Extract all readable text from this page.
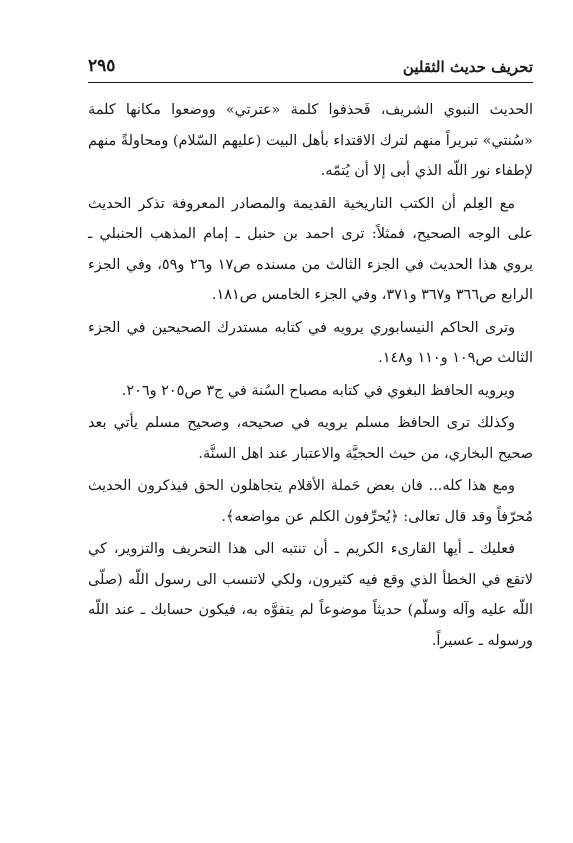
تحريف حديث الثقلين
٢٩٥

الحديث النبوي الشريف، فَحذفوا كلمة «عترتي» ووضعوا مكانها كلمة «سُنتي» تبريراً منهم لترك الاقتداء بأهل البيت (عليهم السّلام) ومحاولةً منهم لإطفاء نور اللّه الذي أبى إلا أن يُتمّه.

مع العِلم أن الكتب التاريخية القديمة والمصادر المعروفة تذكر الحديث على الوجه الصحيح، فمثلاً: ترى احمد بن حنبل ـ إمام المذهب الحنبلي ـ يروي هذا الحديث في الجزء الثالث من مسنده ص١٧ و٢٦ و٥٩، وفي الجزء الرابع ص٣٦٦ و٣٦٧ و٣٧١، وفي الجزء الخامس ص١٨١.

وترى الحاكم النيسابوري يرويه في كتابه مستدرك الصحيحين في الجزء الثالث ص١٠٩ و١١٠ و١٤٨.

ويرويه الحافظ البغوي في كتابه مصباح السُنة في ج٣ ص٢٠٥ و٢٠٦.

وكذلك ترى الحافظ مسلم يرويه في صحيحه، وصحيح مسلم يأتي بعد صحيح البخاري، من حيث الحجيَّة والاعتبار عند اهل السنَّة.

ومع هذا كله... فان بعض حَملة الأقلام يتجاهلون الحق فيذكرون الحديث مُحرّفاً وقد قال تعالى: ﴿يُحرِّفون الكلم عن مواضعه﴾.

فعليك ـ أيها القارىء الكريم ـ أن تنتبه الى هذا التحريف والتزوير، كي لاتقع في الخطأ الذي وقع فيه كثيرون، ولكي لاتنسب الى رسول اللّه (صلّى اللّه عليه وآله وسلّم) حديثاً موضوعاً لم يتفوَّه به، فيكون حسابك ـ عند اللّه ورسوله ـ عسيراً.
